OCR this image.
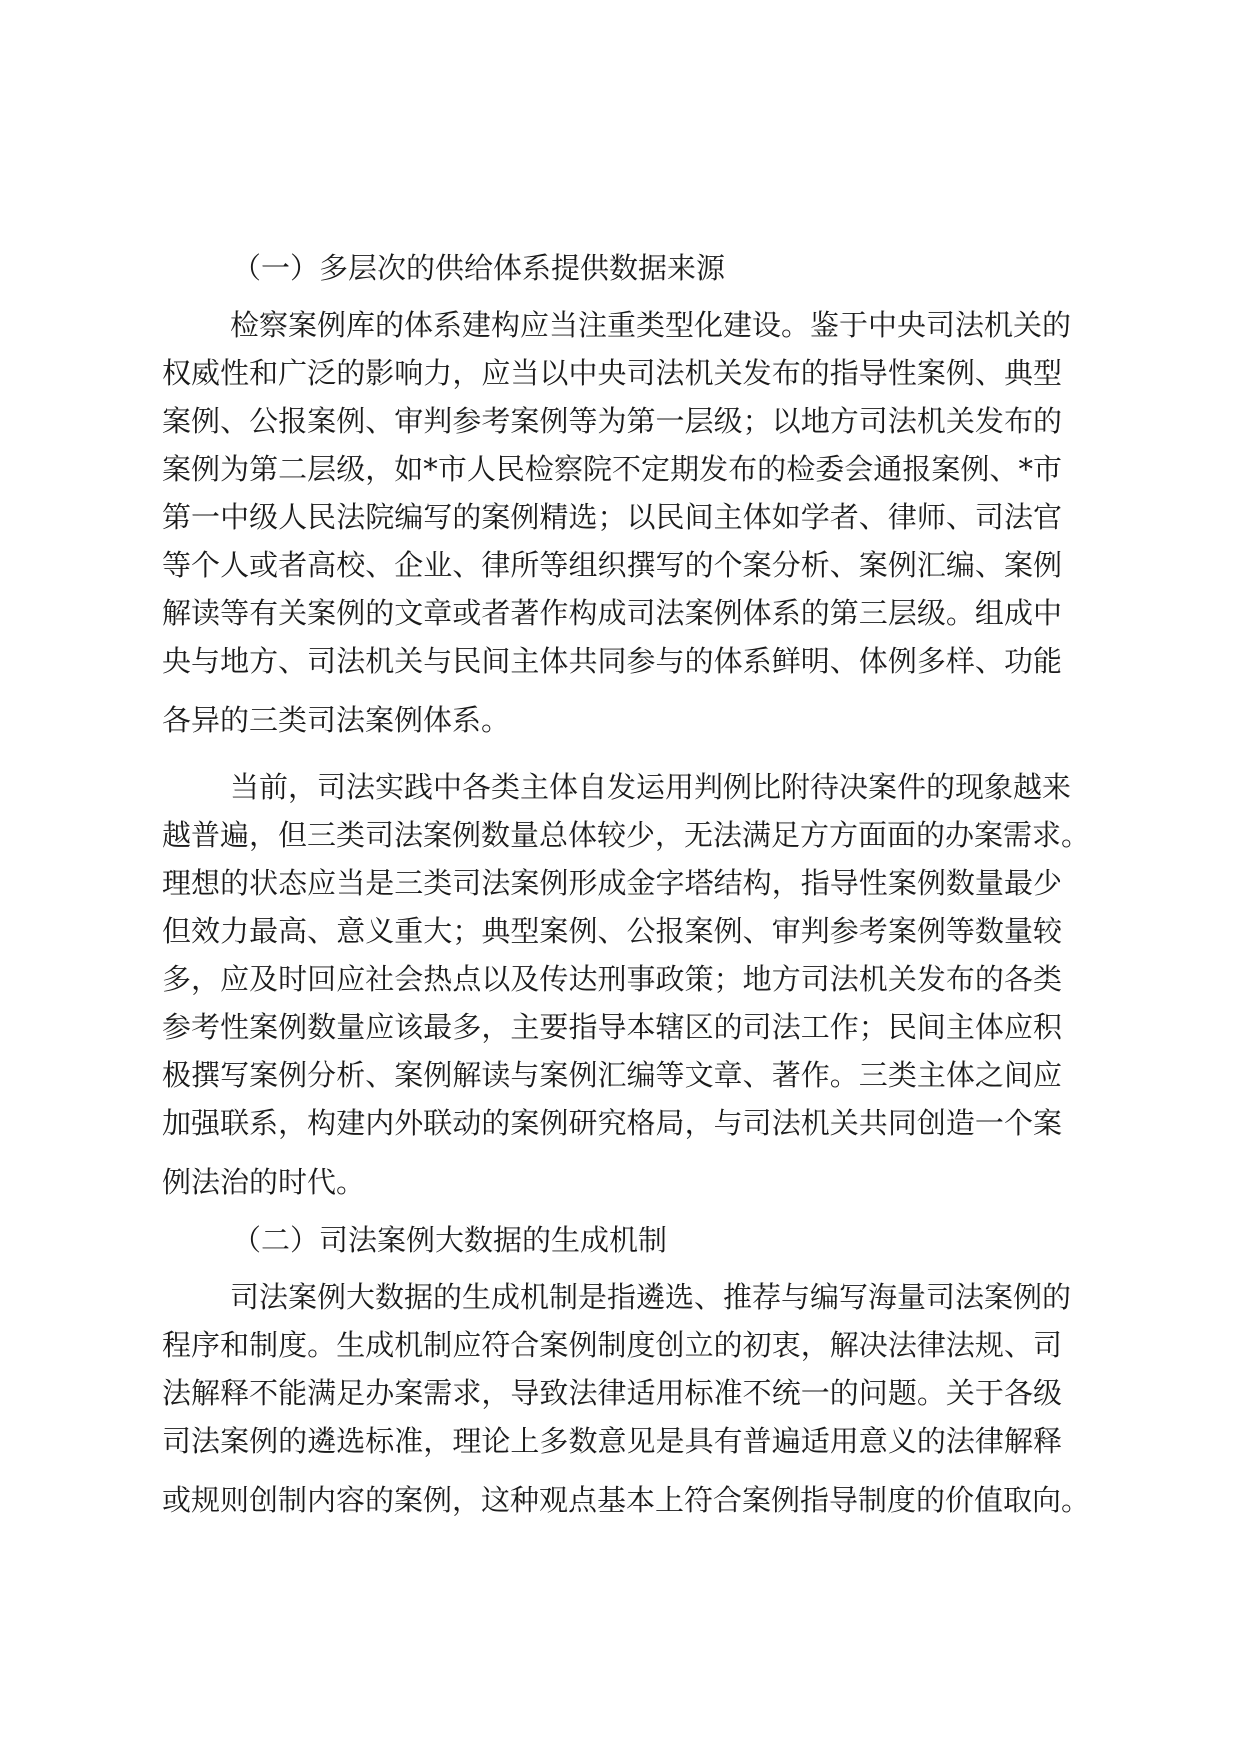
（一）多层次的供给体系提供数据来源
检察案例库的体系建构应当注重类型化建设。鉴于中央司法机关的
权威性和广泛的影响力，应当以中央司法机关发布的指导性案例、典型
案例、公报案例、审判参考案例等为第一层级；以地方司法机关发布的
案例为第二层级，如*市人民检察院不定期发布的检委会通报案例、*市
第一中级人民法院编写的案例精选；以民间主体如学者、律师、司法官
等个人或者高校、企业、律所等组织撰写的个案分析、案例汇编、案例
解读等有关案例的文章或者著作构成司法案例体系的第三层级。组成中
央与地方、司法机关与民间主体共同参与的体系鲜明、体例多样、功能
各异的三类司法案例体系。
当前，司法实践中各类主体自发运用判例比附待决案件的现象越来
越普遍，但三类司法案例数量总体较少，无法满足方方面面的办案需求。
理想的状态应当是三类司法案例形成金字塔结构，指导性案例数量最少
但效力最高、意义重大；典型案例、公报案例、审判参考案例等数量较
多，应及时回应社会热点以及传达刑事政策；地方司法机关发布的各类
参考性案例数量应该最多，主要指导本辖区的司法工作；民间主体应积
极撰写案例分析、案例解读与案例汇编等文章、著作。三类主体之间应
加强联系，构建内外联动的案例研究格局，与司法机关共同创造一个案
例法治的时代。
（二）司法案例大数据的生成机制
司法案例大数据的生成机制是指遴选、推荐与编写海量司法案例的
程序和制度。生成机制应符合案例制度创立的初衷，解决法律法规、司
法解释不能满足办案需求，导致法律适用标准不统一的问题。关于各级
司法案例的遴选标准，理论上多数意见是具有普遍适用意义的法律解释
或规则创制内容的案例，这种观点基本上符合案例指导制度的价值取向。
